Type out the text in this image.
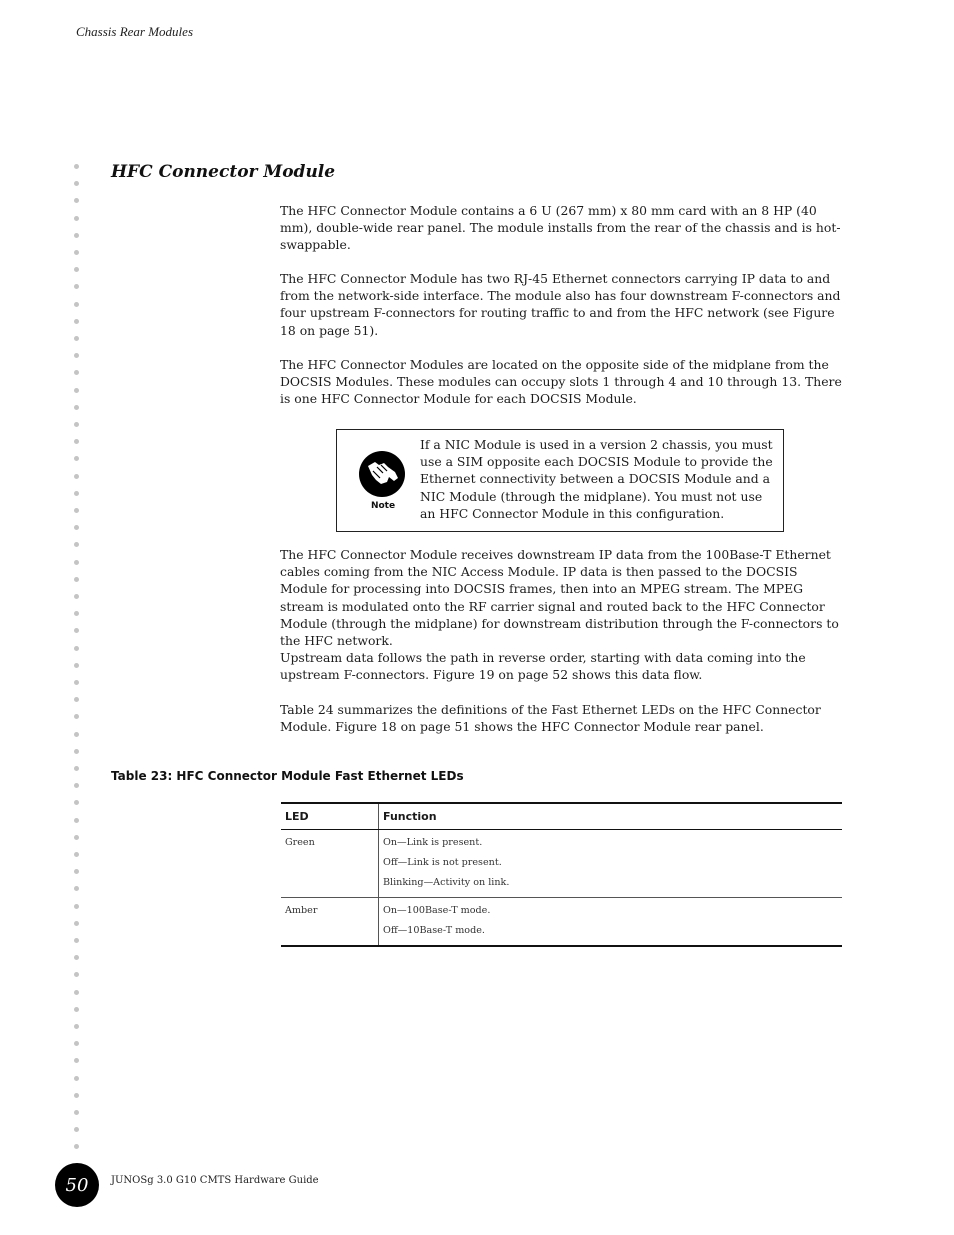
Chassis Rear Modules
HFC Connector Module

The HFC Connector Module contains a 6 U (267 mm) x 80 mm card with an 8 HP (40 mm), double-wide rear panel. The module installs from the rear of the chassis and is hot-swappable.

The HFC Connector Module has two RJ-45 Ethernet connectors carrying IP data to and from the network-side interface. The module also has four downstream F-connectors and four upstream F-connectors for routing traffic to and from the HFC network (see Figure 18 on page 51).

The HFC Connector Modules are located on the opposite side of the midplane from the DOCSIS Modules. These modules can occupy slots 1 through 4 and 10 through 13. There is one HFC Connector Module for each DOCSIS Module.

Note

If a NIC Module is used in a version 2 chassis, you must use a SIM opposite each DOCSIS Module to provide the Ethernet connectivity between a DOCSIS Module and a NIC Module (through the midplane). You must not use an HFC Connector Module in this configuration.

The HFC Connector Module receives downstream IP data from the 100Base-T Ethernet cables coming from the NIC Access Module. IP data is then passed to the DOCSIS Module for processing into DOCSIS frames, then into an MPEG stream. The MPEG stream is modulated onto the RF carrier signal and routed back to the HFC Connector Module (through the midplane) for downstream distribution through the F-connectors to the HFC network.

Upstream data follows the path in reverse order, starting with data coming into the upstream F-connectors. Figure 19 on page 52 shows this data flow.

Table 24 summarizes the definitions of the Fast Ethernet LEDs on the HFC Connector Module. Figure 18 on page 51 shows the HFC Connector Module rear panel.

Table 23: HFC Connector Module Fast Ethernet LEDs
LED	Function

Green	On—Link is present.
Off—Link is not present.
Blinking—Activity on link.

Amber	On—100Base-T mode.
Off—10Base-T mode.
50	JUNOSg 3.0 G10 CMTS Hardware Guide
